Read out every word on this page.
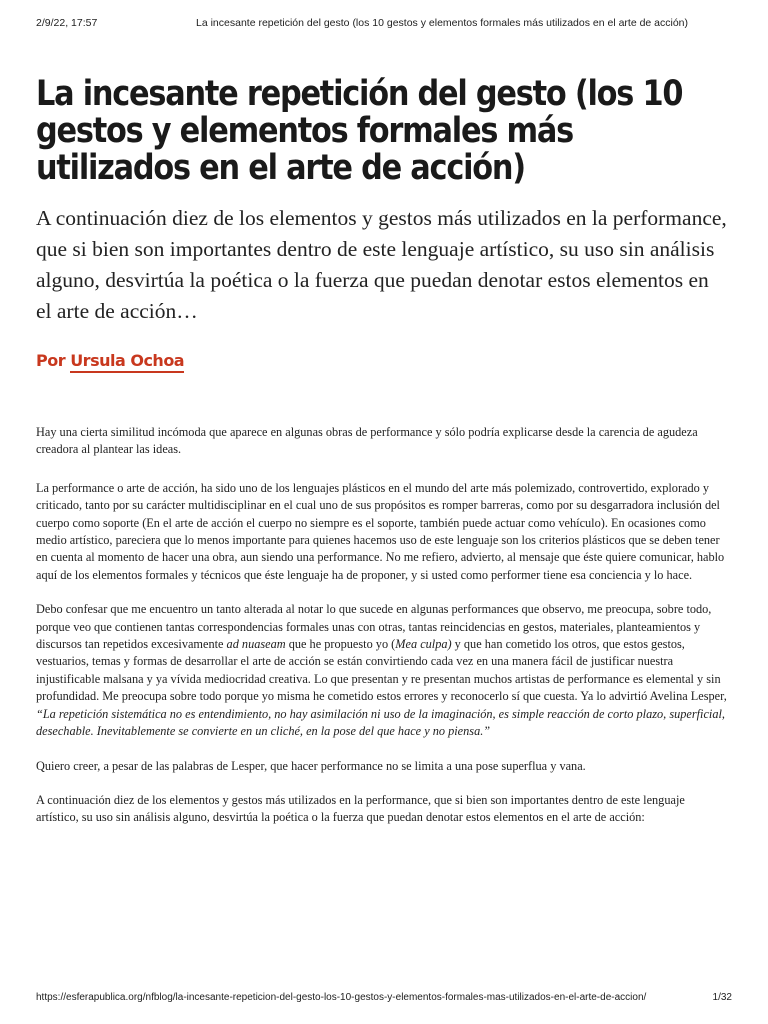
2/9/22, 17:57	La incesante repetición del gesto (los 10 gestos y elementos formales más utilizados en el arte de acción)
La incesante repetición del gesto (los 10 gestos y elementos formales más utilizados en el arte de acción)

A continuación diez de los elementos y gestos más utilizados en la performance, que si bien son importantes dentro de este lenguaje artístico, su uso sin análisis alguno, desvirtúa la poética o la fuerza que puedan denotar estos elementos en el arte de acción…

Por Ursula Ochoa

Hay una cierta similitud incómoda que aparece en algunas obras de performance y sólo podría explicarse desde la carencia de agudeza creadora al plantear las ideas.

La performance o arte de acción, ha sido uno de los lenguajes plásticos en el mundo del arte más polemizado, controvertido, explorado y criticado, tanto por su carácter multidisciplinar en el cual uno de sus propósitos es romper barreras, como por su desgarradora inclusión del cuerpo como soporte (En el arte de acción el cuerpo no siempre es el soporte, también puede actuar como vehículo). En ocasiones como medio artístico, pareciera que lo menos importante para quienes hacemos uso de este lenguaje son los criterios plásticos que se deben tener en cuenta al momento de hacer una obra, aun siendo una performance. No me refiero, advierto, al mensaje que éste quiere comunicar, hablo aquí de los elementos formales y técnicos que éste lenguaje ha de proponer, y si usted como performer tiene esa conciencia y lo hace.

Debo confesar que me encuentro un tanto alterada al notar lo que sucede en algunas performances que observo, me preocupa, sobre todo, porque veo que contienen tantas correspondencias formales unas con otras, tantas reincidencias en gestos, materiales, planteamientos y discursos tan repetidos excesivamente ad nuaseam que he propuesto yo (Mea culpa) y que han cometido los otros, que estos gestos, vestuarios, temas y formas de desarrollar el arte de acción se están convirtiendo cada vez en una manera fácil de justificar nuestra injustificable malsana y ya vívida mediocridad creativa. Lo que presentan y re presentan muchos artistas de performance es elemental y sin profundidad. Me preocupa sobre todo porque yo misma he cometido estos errores y reconocerlo sí que cuesta. Ya lo advirtió Avelina Lesper, “La repetición sistemática no es entendimiento, no hay asimilación ni uso de la imaginación, es simple reacción de corto plazo, superficial, desechable. Inevitablemente se convierte en un cliché, en la pose del que hace y no piensa.”

Quiero creer, a pesar de las palabras de Lesper, que hacer performance no se limita a una pose superflua y vana.

A continuación diez de los elementos y gestos más utilizados en la performance, que si bien son importantes dentro de este lenguaje artístico, su uso sin análisis alguno, desvirtúa la poética o la fuerza que puedan denotar estos elementos en el arte de acción:

https://esferapublica.org/nfblog/la-incesante-repeticion-del-gesto-los-10-gestos-y-elementos-formales-mas-utilizados-en-el-arte-de-accion/	1/32
